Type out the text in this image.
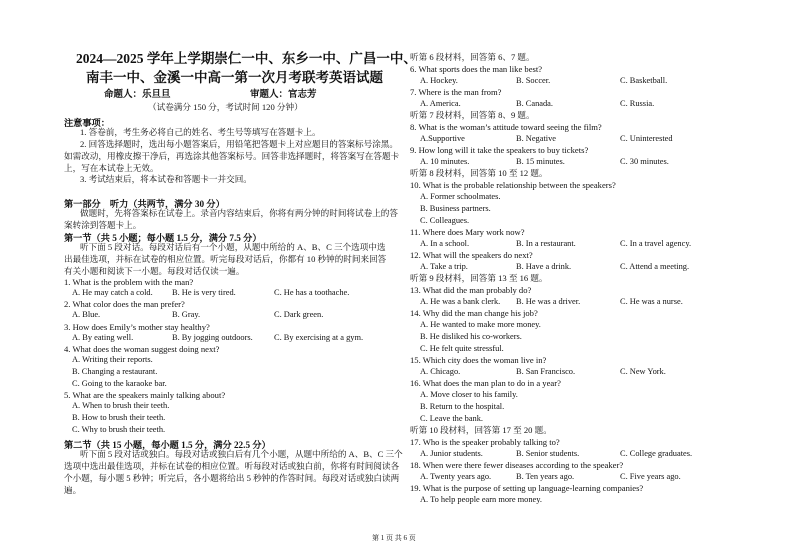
2024—2025 学年上学期崇仁一中、东乡一中、广昌一中、
南丰一中、金溪一中高一第一次月考联考英语试题
命题人：乐旦旦	审题人：官志芳
（试卷满分 150 分，考试时间 120 分钟）
注意事项：
1. 答卷前，考生务必将自己的姓名、考生号等填写在答题卡上。
2. 回答选择题时，选出每小题答案后，用铅笔把答题卡上对应题目的答案标号涂黑。
如需改动，用橡皮擦干净后，再选涂其他答案标号。回答非选择题时，将答案写在答题卡
上，写在本试卷上无效。
3. 考试结束后，将本试卷和答题卡一并交回。
第一部分　听力（共两节，满分 30 分）
做题时，先将答案标在试卷上。录音内容结束后，你将有两分钟的时间将试卷上的答
案转涂到答题卡上。
第一节（共 5 小题；每小题 1.5 分，满分 7.5 分）
听下面 5 段对话。每段对话后有一个小题，从题中所给的 A、B、C 三个选项中选
出最佳选项，并标在试卷的相应位置。听完每段对话后，你都有 10 秒钟的时间来回答
有关小题和阅读下一小题。每段对话仅读一遍。
1. What is the problem with the man?
A. He may catch a cold. B. He is very tired.	C. He has a toothache.
2. What color does the man prefer?
A. Blue.	B. Gray.	C. Dark green.
3. How does Emily’s mother stay healthy?
A. By eating well.	B. By jogging outdoors.	C. By exercising at a gym.
4. What does the woman suggest doing next?
A. Writing their reports.
B. Changing a restaurant.
C. Going to the karaoke bar.
5. What are the speakers mainly talking about?
A. When to brush their teeth.
B. How to brush their teeth.
C. Why to brush their teeth.
第二节（共 15 小题，每小题 1.5 分，满分 22.5 分）
听下面 5 段对话或独白。每段对话或独白后有几个小题，从题中所给的 A、B、C 三个
选项中选出最佳选项，并标在试卷的相应位置。听每段对话或独白前，你将有时间阅读各
个小题，每小题 5 秒钟；听完后，各小题将给出 5 秒钟的作答时间。每段对话或独白读两
遍。
听第 6 段材料，回答第 6、7 题。
6. What sports does the man like best?
A. Hockey.	B. Soccer.	C. Basketball.
7. Where is the man from?
A. America.	B. Canada.	C. Russia.
听第 7 段材料，回答第 8、9 题。
8. What is the woman’s attitude toward seeing the film?
A.Supportive	B. Negative	C. Uninterested
9. How long will it take the speakers to buy tickets?
A. 10 minutes.	B. 15 minutes.	C. 30 minutes.
听第 8 段材料，回答第 10 至 12 题。
10. What is the probable relationship between the speakers?
A. Former schoolmates.
B. Business partners.
C. Colleagues.
11. Where does Mary work now?
A. In a school.	B. In a restaurant.	C. In a travel agency.
12. What will the speakers do next?
A. Take a trip.	B. Have a drink.	C. Attend a meeting.
听第 9 段材料，回答第 13 至 16 题。
13. What did the man probably do?
A. He was a bank clerk. B. He was a driver.	C. He was a nurse.
14. Why did the man change his job?
A. He wanted to make more money.
B. He disliked his co-workers.
C. He felt quite stressful.
15. Which city does the woman live in?
A. Chicago.	B. San Francisco.	C. New York.
16. What does the man plan to do in a year?
A. Move closer to his family.
B. Return to the hospital.
C. Leave the bank.
听第 10 段材料，回答第 17 至 20 题。
17. Who is the speaker probably talking to?
A. Junior students.	B. Senior students.	C. College graduates.
18. When were there fewer diseases according to the speaker?
A. Twenty years ago.	B. Ten years ago.	C. Five years ago.
19. What is the purpose of setting up language-learning companies?
A. To help people earn more money.
第 1 页 共 6 页
